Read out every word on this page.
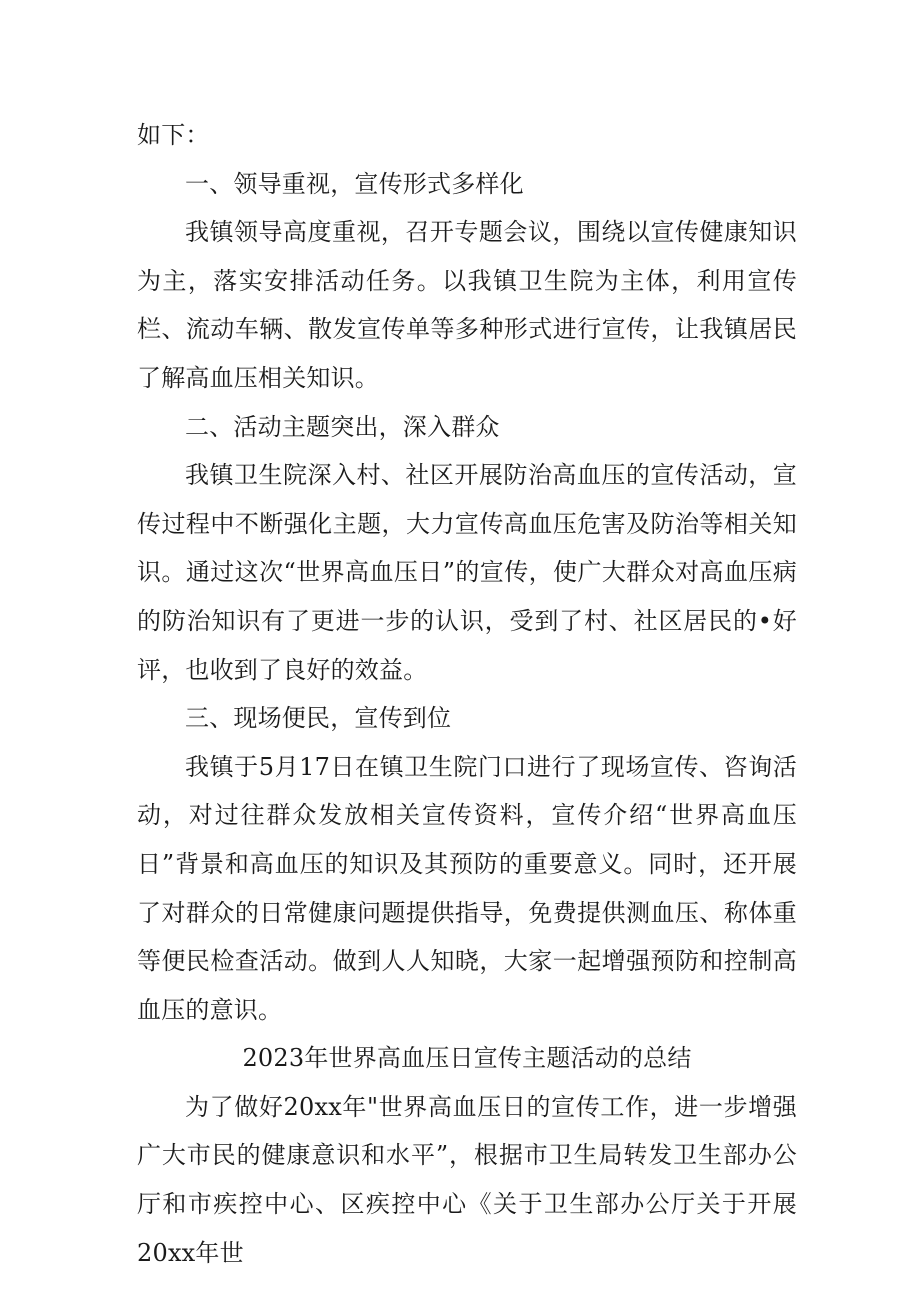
如下：

一、领导重视，宣传形式多样化

我镇领导高度重视，召开专题会议，围绕以宣传健康知识为主，落实安排活动任务。以我镇卫生院为主体，利用宣传栏、流动车辆、散发宣传单等多种形式进行宣传，让我镇居民了解高血压相关知识。

二、活动主题突出，深入群众

我镇卫生院深入村、社区开展防治高血压的宣传活动，宣传过程中不断强化主题，大力宣传高血压危害及防治等相关知识。通过这次“世界高血压日”的宣传，使广大群众对高血压病的防治知识有了更进一步的认识，受到了村、社区居民的•好评，也收到了良好的效益。

三、现场便民，宣传到位

我镇于5月17日在镇卫生院门口进行了现场宣传、咨询活动，对过往群众发放相关宣传资料，宣传介绍“世界高血压日”背景和高血压的知识及其预防的重要意义。同时，还开展了对群众的日常健康问题提供指导，免费提供测血压、称体重等便民检查活动。做到人人知晓，大家一起增强预防和控制高血压的意识。

2023年世界高血压日宣传主题活动的总结

为了做好20xx年"世界高血压日的宣传工作，进一步增强广大市民的健康意识和水平”，根据市卫生局转发卫生部办公厅和市疾控中心、区疾控中心《关于卫生部办公厅关于开展20xx年世
